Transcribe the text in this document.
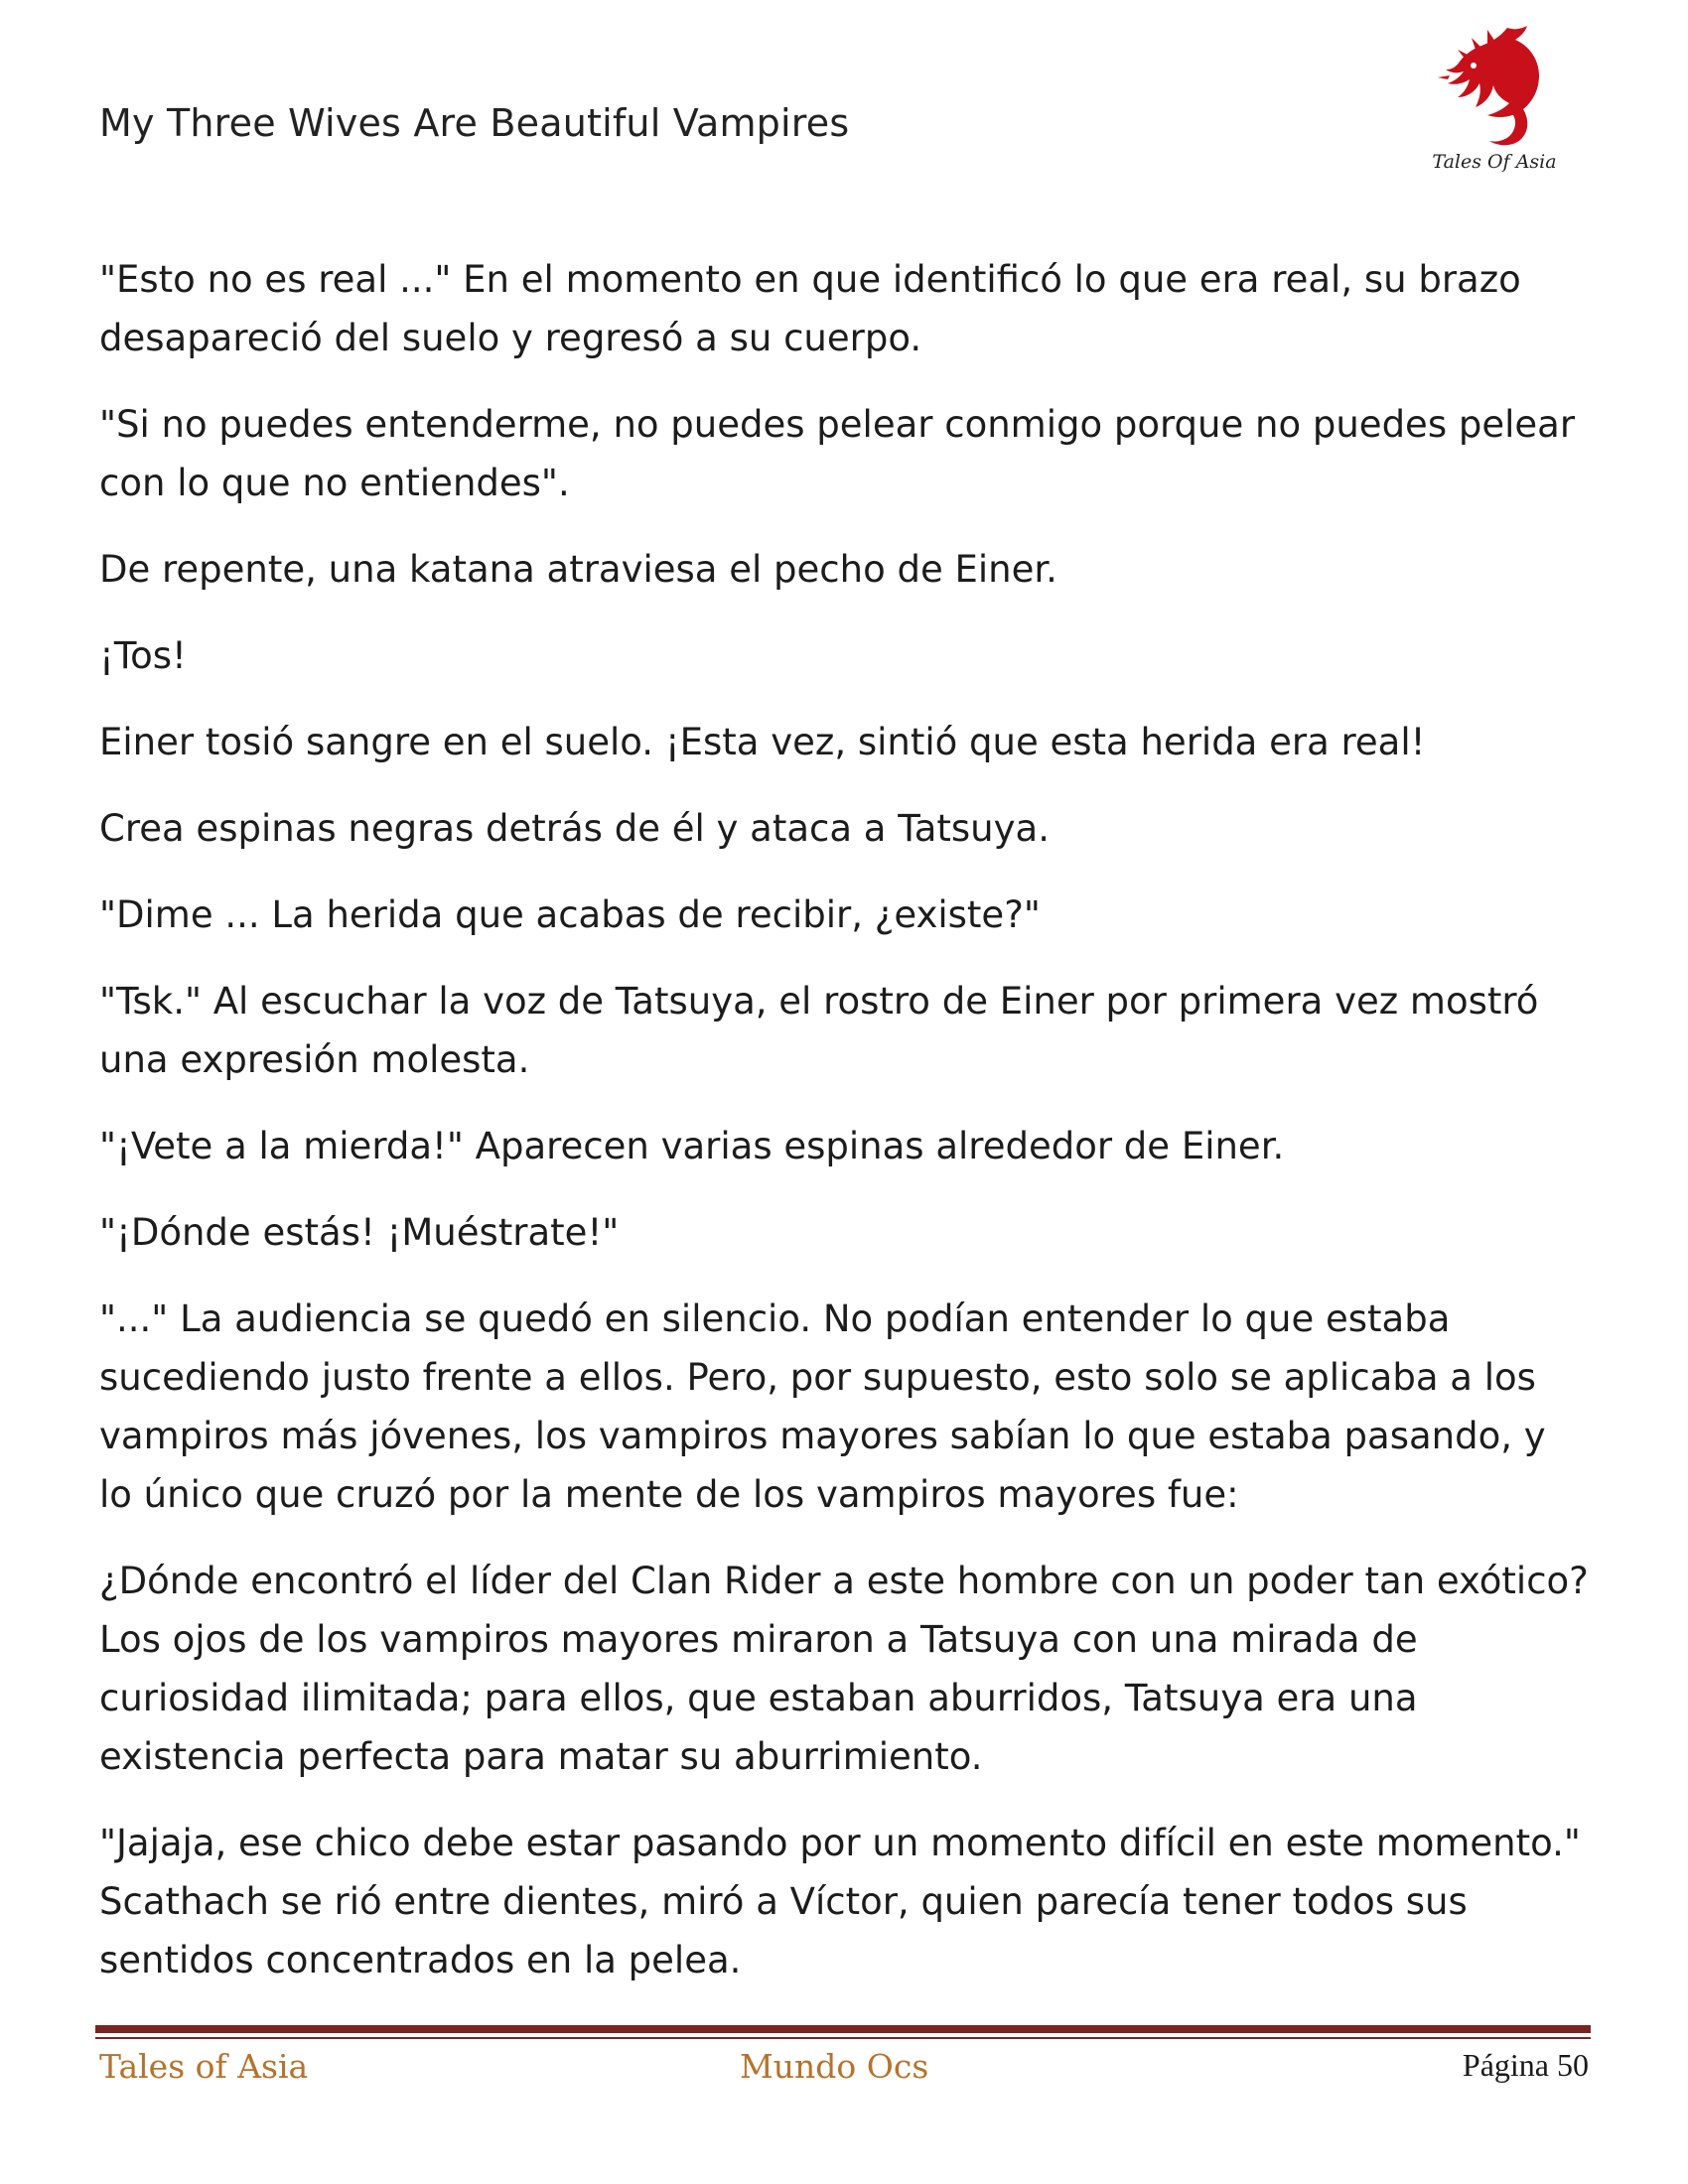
My Three Wives Are Beautiful Vampires
Tales Of Asia

"Esto no es real ..." En el momento en que identificó lo que era real, su brazo desapareció del suelo y regresó a su cuerpo.

"Si no puedes entenderme, no puedes pelear conmigo porque no puedes pelear con lo que no entiendes".

De repente, una katana atraviesa el pecho de Einer.

¡Tos!

Einer tosió sangre en el suelo. ¡Esta vez, sintió que esta herida era real!

Crea espinas negras detrás de él y ataca a Tatsuya.

"Dime ... La herida que acabas de recibir, ¿existe?"

"Tsk." Al escuchar la voz de Tatsuya, el rostro de Einer por primera vez mostró una expresión molesta.

"¡Vete a la mierda!" Aparecen varias espinas alrededor de Einer.

"¡Dónde estás! ¡Muéstrate!"

"..." La audiencia se quedó en silencio. No podían entender lo que estaba sucediendo justo frente a ellos. Pero, por supuesto, esto solo se aplicaba a los vampiros más jóvenes, los vampiros mayores sabían lo que estaba pasando, y lo único que cruzó por la mente de los vampiros mayores fue:

¿Dónde encontró el líder del Clan Rider a este hombre con un poder tan exótico? Los ojos de los vampiros mayores miraron a Tatsuya con una mirada de curiosidad ilimitada; para ellos, que estaban aburridos, Tatsuya era una existencia perfecta para matar su aburrimiento.

"Jajaja, ese chico debe estar pasando por un momento difícil en este momento." Scathach se rió entre dientes, miró a Víctor, quien parecía tener todos sus sentidos concentrados en la pelea.

Tales of Asia	Mundo Ocs	Página 50
